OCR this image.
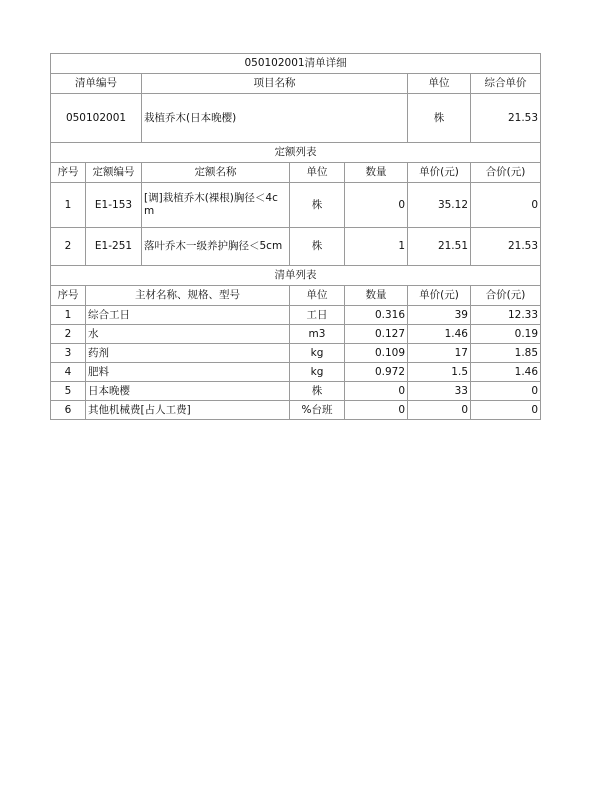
050102001清单详细						
清单编号		项目名称			单位	综合单价
050102001		栽植乔木(日本晚樱)			株	21.53
定额列表						
序号	定额编号	定额名称	单位	数量	单价(元)	合价(元)
1	E1-153	[调]栽植乔木(裸根)胸径＜4cm	株	0	35.12	0
2	E1-251	落叶乔木一级养护胸径＜5cm	株	1	21.51	21.53
清单列表						
序号	主材名称、规格、型号		单位	数量	单价(元)	合价(元)
1	综合工日		工日	0.316	39	12.33
2	水		m3	0.127	1.46	0.19
3	药剂		kg	0.109	17	1.85
4	肥料		kg	0.972	1.5	1.46
5	日本晚樱		株	0	33	0
6	其他机械费[占人工费]		%台班	0	0	0
